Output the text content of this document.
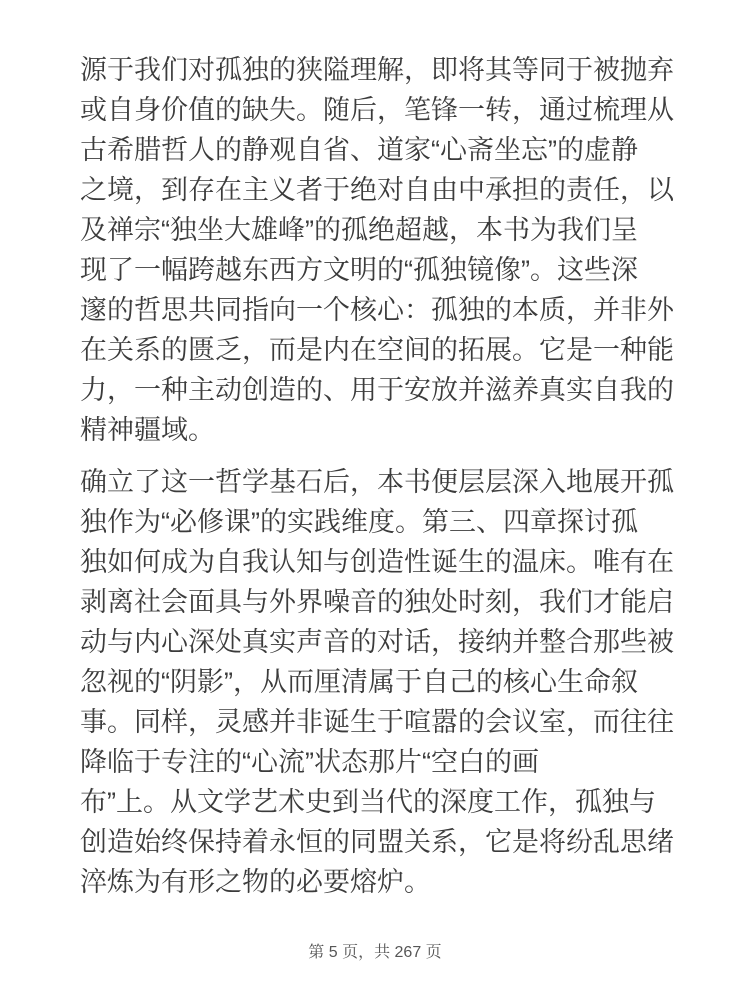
源于我们对孤独的狭隘理解，即将其等同于被抛弃
或自身价值的缺失。随后，笔锋一转，通过梳理从
古希腊哲人的静观自省、道家“心斋坐忘”的虚静
之境，到存在主义者于绝对自由中承担的责任，以
及禅宗“独坐大雄峰”的孤绝超越，本书为我们呈
现了一幅跨越东西方文明的“孤独镜像”。这些深
邃的哲思共同指向一个核心：孤独的本质，并非外
在关系的匮乏，而是内在空间的拓展。它是一种能
力，一种主动创造的、用于安放并滋养真实自我的
精神疆域。
确立了这一哲学基石后，本书便层层深入地展开孤
独作为“必修课”的实践维度。第三、四章探讨孤
独如何成为自我认知与创造性诞生的温床。唯有在
剥离社会面具与外界噪音的独处时刻，我们才能启
动与内心深处真实声音的对话，接纳并整合那些被
忽视的“阴影”，从而厘清属于自己的核心生命叙
事。同样，灵感并非诞生于喧嚣的会议室，而往往
降临于专注的“心流”状态那片“空白的画
布”上。从文学艺术史到当代的深度工作，孤独与
创造始终保持着永恒的同盟关系，它是将纷乱思绪
淬炼为有形之物的必要熔炉。
第 5 页，共 267 页
